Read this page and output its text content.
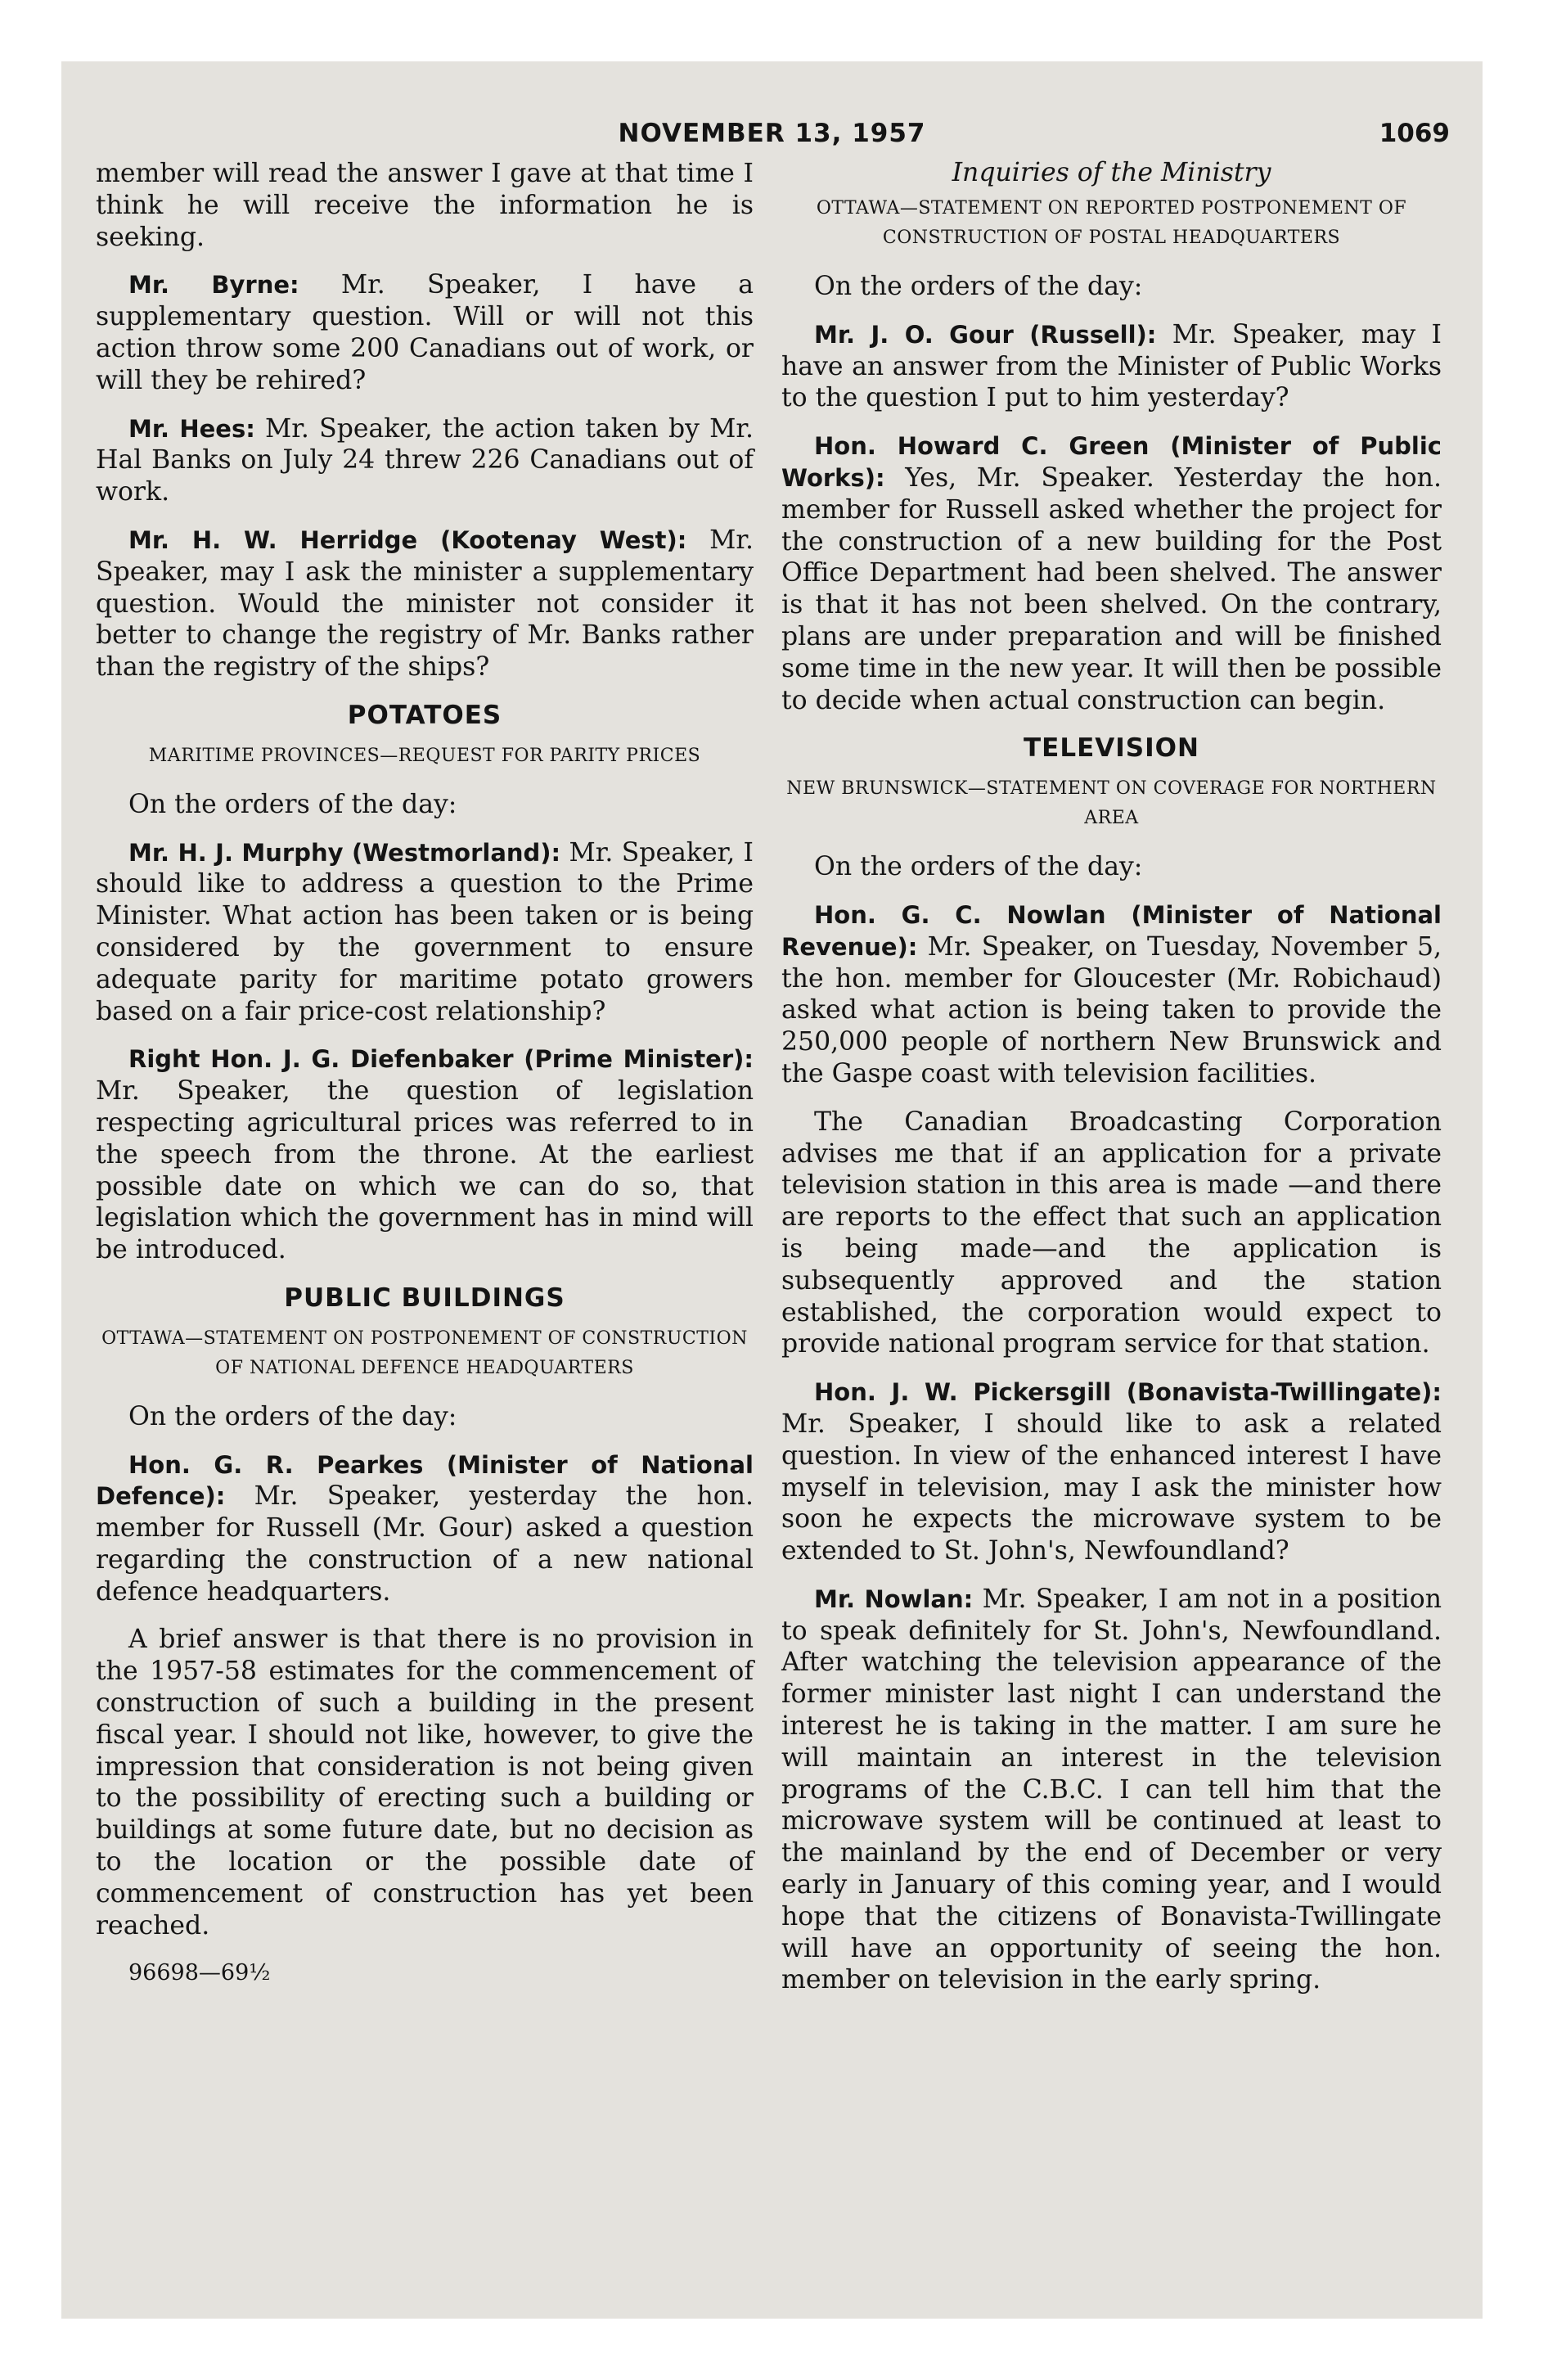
NOVEMBER 13, 1957	1069

member will read the answer I gave at that time I think he will receive the information he is seeking.

Mr. Byrne: Mr. Speaker, I have a supplementary question. Will or will not this action throw some 200 Canadians out of work, or will they be rehired?

Mr. Hees: Mr. Speaker, the action taken by Mr. Hal Banks on July 24 threw 226 Canadians out of work.

Mr. H. W. Herridge (Kootenay West): Mr. Speaker, may I ask the minister a supplementary question. Would the minister not consider it better to change the registry of Mr. Banks rather than the registry of the ships?

POTATOES
MARITIME PROVINCES—REQUEST FOR PARITY PRICES

On the orders of the day:

Mr. H. J. Murphy (Westmorland): Mr. Speaker, I should like to address a question to the Prime Minister. What action has been taken or is being considered by the government to ensure adequate parity for maritime potato growers based on a fair price-cost relationship?

Right Hon. J. G. Diefenbaker (Prime Minister): Mr. Speaker, the question of legislation respecting agricultural prices was referred to in the speech from the throne. At the earliest possible date on which we can do so, that legislation which the government has in mind will be introduced.

PUBLIC BUILDINGS
OTTAWA—STATEMENT ON POSTPONEMENT OF CONSTRUCTION OF NATIONAL DEFENCE HEADQUARTERS

On the orders of the day:

Hon. G. R. Pearkes (Minister of National Defence): Mr. Speaker, yesterday the hon. member for Russell (Mr. Gour) asked a question regarding the construction of a new national defence headquarters.

A brief answer is that there is no provision in the 1957-58 estimates for the commencement of construction of such a building in the present fiscal year. I should not like, however, to give the impression that consideration is not being given to the possibility of erecting such a building or buildings at some future date, but no decision as to the location or the possible date of commencement of construction has yet been reached.

96698—69½

Inquiries of the Ministry
OTTAWA—STATEMENT ON REPORTED POSTPONEMENT OF CONSTRUCTION OF POSTAL HEADQUARTERS

On the orders of the day:

Mr. J. O. Gour (Russell): Mr. Speaker, may I have an answer from the Minister of Public Works to the question I put to him yesterday?

Hon. Howard C. Green (Minister of Public Works): Yes, Mr. Speaker. Yesterday the hon. member for Russell asked whether the project for the construction of a new building for the Post Office Department had been shelved. The answer is that it has not been shelved. On the contrary, plans are under preparation and will be finished some time in the new year. It will then be possible to decide when actual construction can begin.

TELEVISION
NEW BRUNSWICK—STATEMENT ON COVERAGE FOR NORTHERN AREA

On the orders of the day:

Hon. G. C. Nowlan (Minister of National Revenue): Mr. Speaker, on Tuesday, November 5, the hon. member for Gloucester (Mr. Robichaud) asked what action is being taken to provide the 250,000 people of northern New Brunswick and the Gaspe coast with television facilities.

The Canadian Broadcasting Corporation advises me that if an application for a private television station in this area is made —and there are reports to the effect that such an application is being made—and the application is subsequently approved and the station established, the corporation would expect to provide national program service for that station.

Hon. J. W. Pickersgill (Bonavista-Twillingate): Mr. Speaker, I should like to ask a related question. In view of the enhanced interest I have myself in television, may I ask the minister how soon he expects the microwave system to be extended to St. John's, Newfoundland?

Mr. Nowlan: Mr. Speaker, I am not in a position to speak definitely for St. John's, Newfoundland. After watching the television appearance of the former minister last night I can understand the interest he is taking in the matter. I am sure he will maintain an interest in the television programs of the C.B.C. I can tell him that the microwave system will be continued at least to the mainland by the end of December or very early in January of this coming year, and I would hope that the citizens of Bonavista-Twillingate will have an opportunity of seeing the hon. member on television in the early spring.
